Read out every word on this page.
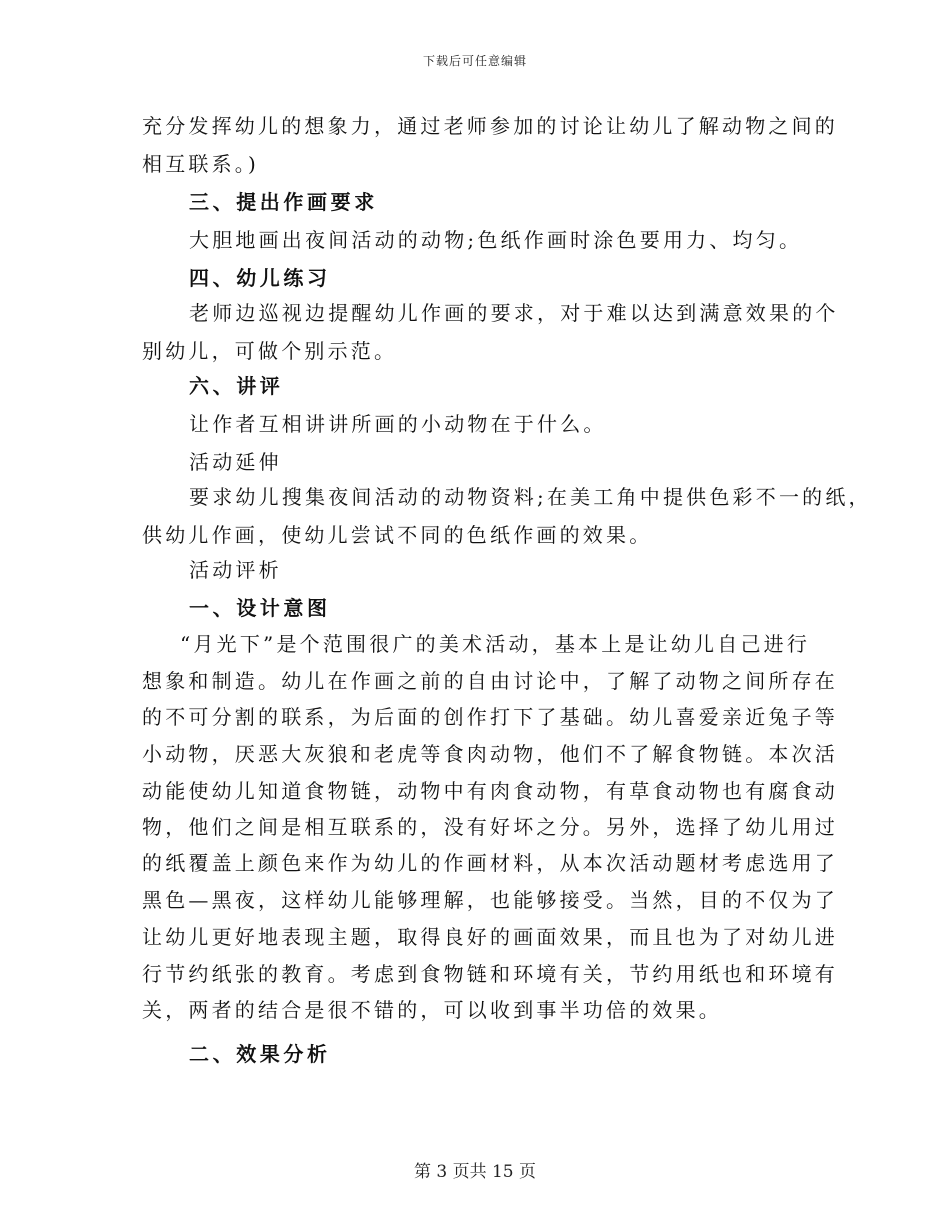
下载后可任意编辑
充分发挥幼儿的想象力，通过老师参加的讨论让幼儿了解动物之间的
相互联系。)
三、提出作画要求
大胆地画出夜间活动的动物;色纸作画时涂色要用力、均匀。
四、幼儿练习
老师边巡视边提醒幼儿作画的要求，对于难以达到满意效果的个
别幼儿，可做个别示范。
六、讲评
让作者互相讲讲所画的小动物在于什么。
活动延伸
要求幼儿搜集夜间活动的动物资料;在美工角中提供色彩不一的纸，
供幼儿作画，使幼儿尝试不同的色纸作画的效果。
活动评析
一、设计意图
“月光下”是个范围很广的美术活动，基本上是让幼儿自己进行
想象和制造。幼儿在作画之前的自由讨论中，了解了动物之间所存在
的不可分割的联系，为后面的创作打下了基础。幼儿喜爱亲近兔子等
小动物，厌恶大灰狼和老虎等食肉动物，他们不了解食物链。本次活
动能使幼儿知道食物链，动物中有肉食动物，有草食动物也有腐食动
物，他们之间是相互联系的，没有好坏之分。另外，选择了幼儿用过
的纸覆盖上颜色来作为幼儿的作画材料，从本次活动题材考虑选用了
黑色—黑夜，这样幼儿能够理解，也能够接受。当然，目的不仅为了
让幼儿更好地表现主题，取得良好的画面效果，而且也为了对幼儿进
行节约纸张的教育。考虑到食物链和环境有关，节约用纸也和环境有
关，两者的结合是很不错的，可以收到事半功倍的效果。
二、效果分析
第 3 页共 15 页
